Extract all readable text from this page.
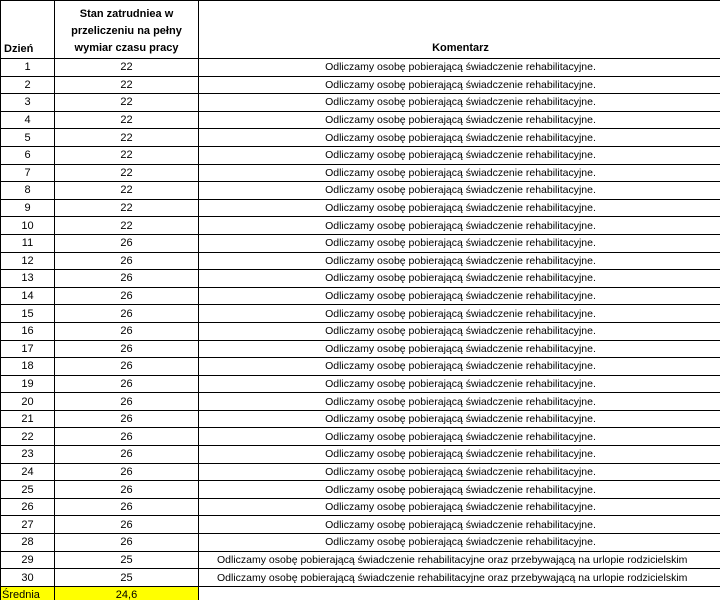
Dzień	Stan zatrudniea w przeliczeniu na pełny wymiar czasu pracy	Komentarz
1	22	Odliczamy osobę pobierającą świadczenie rehabilitacyjne.
2	22	Odliczamy osobę pobierającą świadczenie rehabilitacyjne.
3	22	Odliczamy osobę pobierającą świadczenie rehabilitacyjne.
4	22	Odliczamy osobę pobierającą świadczenie rehabilitacyjne.
5	22	Odliczamy osobę pobierającą świadczenie rehabilitacyjne.
6	22	Odliczamy osobę pobierającą świadczenie rehabilitacyjne.
7	22	Odliczamy osobę pobierającą świadczenie rehabilitacyjne.
8	22	Odliczamy osobę pobierającą świadczenie rehabilitacyjne.
9	22	Odliczamy osobę pobierającą świadczenie rehabilitacyjne.
10	22	Odliczamy osobę pobierającą świadczenie rehabilitacyjne.
11	26	Odliczamy osobę pobierającą świadczenie rehabilitacyjne.
12	26	Odliczamy osobę pobierającą świadczenie rehabilitacyjne.
13	26	Odliczamy osobę pobierającą świadczenie rehabilitacyjne.
14	26	Odliczamy osobę pobierającą świadczenie rehabilitacyjne.
15	26	Odliczamy osobę pobierającą świadczenie rehabilitacyjne.
16	26	Odliczamy osobę pobierającą świadczenie rehabilitacyjne.
17	26	Odliczamy osobę pobierającą świadczenie rehabilitacyjne.
18	26	Odliczamy osobę pobierającą świadczenie rehabilitacyjne.
19	26	Odliczamy osobę pobierającą świadczenie rehabilitacyjne.
20	26	Odliczamy osobę pobierającą świadczenie rehabilitacyjne.
21	26	Odliczamy osobę pobierającą świadczenie rehabilitacyjne.
22	26	Odliczamy osobę pobierającą świadczenie rehabilitacyjne.
23	26	Odliczamy osobę pobierającą świadczenie rehabilitacyjne.
24	26	Odliczamy osobę pobierającą świadczenie rehabilitacyjne.
25	26	Odliczamy osobę pobierającą świadczenie rehabilitacyjne.
26	26	Odliczamy osobę pobierającą świadczenie rehabilitacyjne.
27	26	Odliczamy osobę pobierającą świadczenie rehabilitacyjne.
28	26	Odliczamy osobę pobierającą świadczenie rehabilitacyjne.
29	25	Odliczamy osobę pobierającą świadczenie rehabilitacyjne oraz przebywającą na urlopie rodzicielskim
30	25	Odliczamy osobę pobierającą świadczenie rehabilitacyjne oraz przebywającą na urlopie rodzicielskim
Średnia	24,6	
